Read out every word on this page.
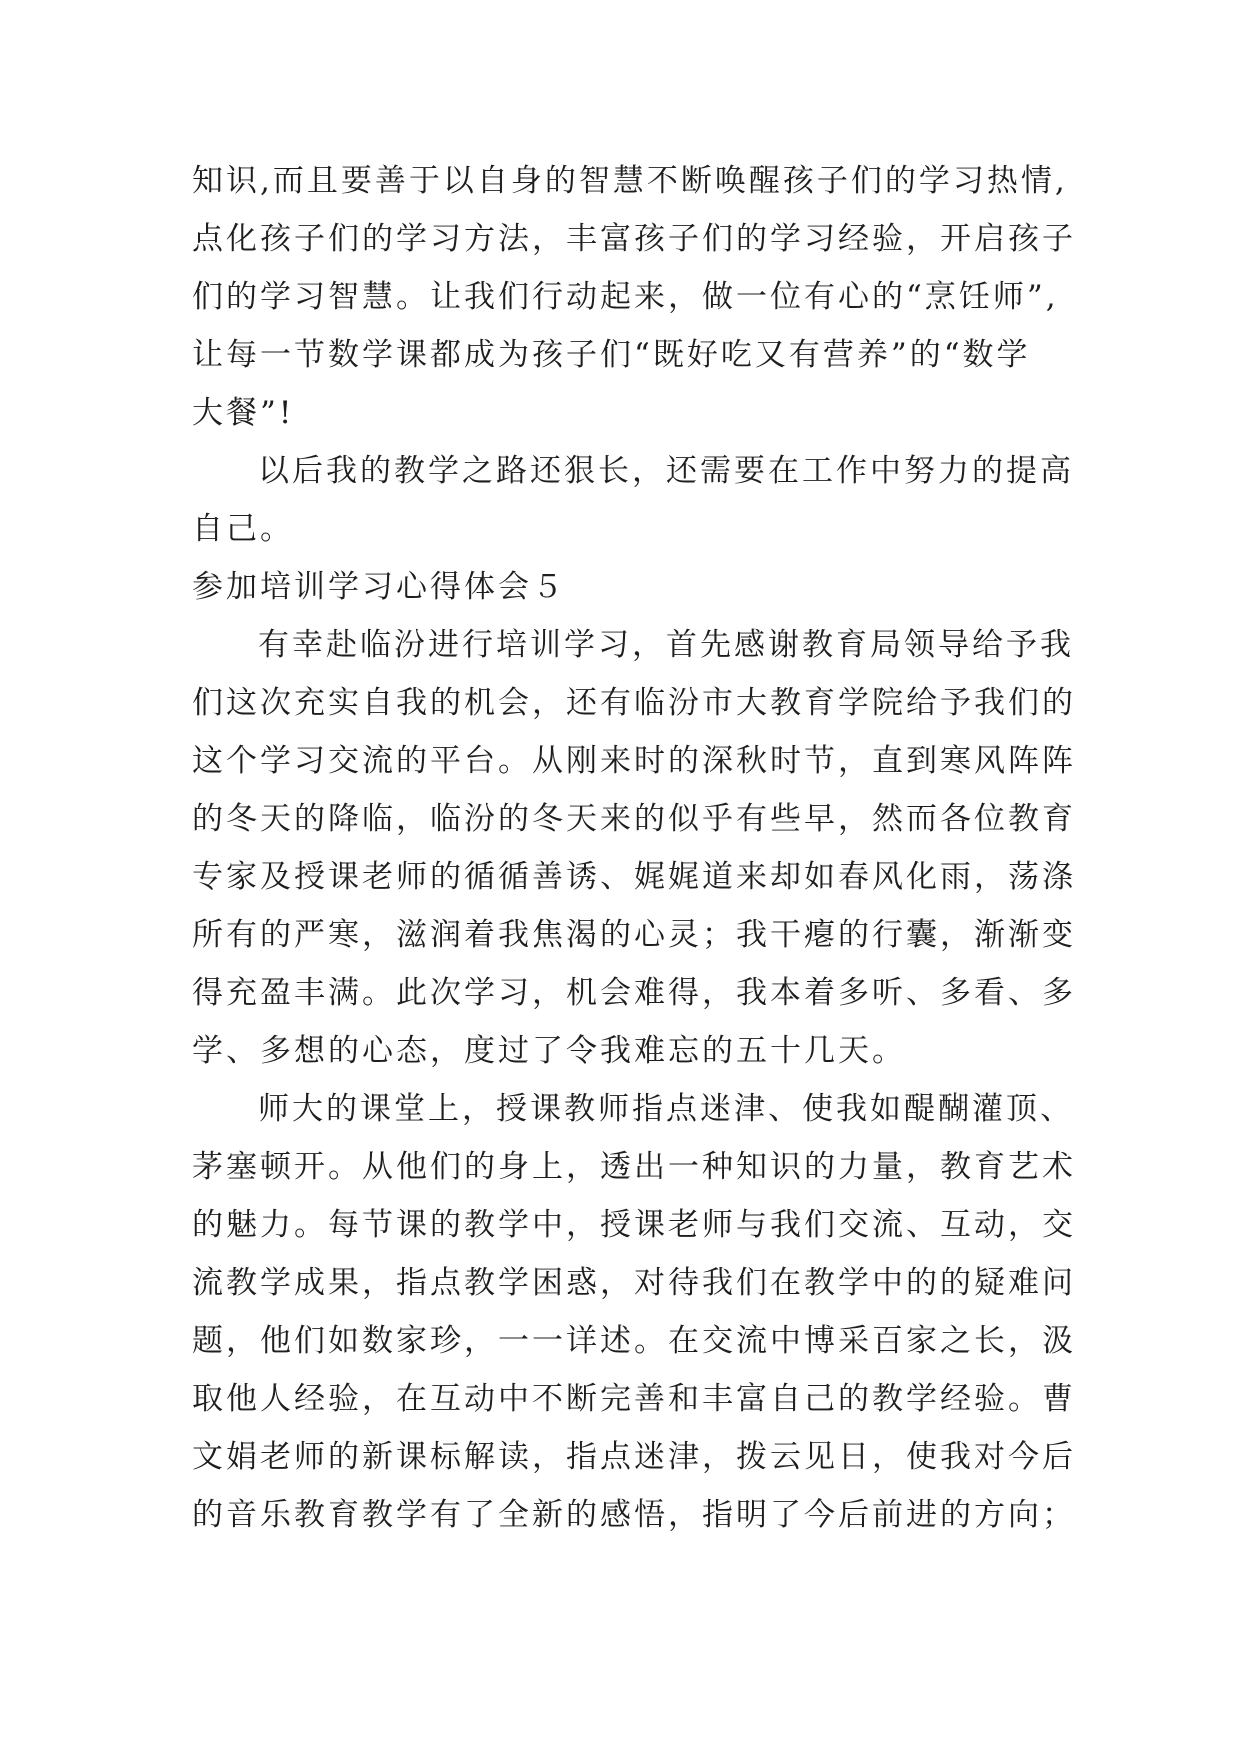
知识,而且要善于以自身的智慧不断唤醒孩子们的学习热情,
点化孩子们的学习方法，丰富孩子们的学习经验，开启孩子
们的学习智慧。让我们行动起来，做一位有心的“烹饪师”,
让每一节数学课都成为孩子们“既好吃又有营养”的“数学
大餐”!
以后我的教学之路还狠长，还需要在工作中努力的提高
自己。
参加培训学习心得体会５
有幸赴临汾进行培训学习，首先感谢教育局领导给予我
们这次充实自我的机会，还有临汾市大教育学院给予我们的
这个学习交流的平台。从刚来时的深秋时节，直到寒风阵阵
的冬天的降临，临汾的冬天来的似乎有些早，然而各位教育
专家及授课老师的循循善诱、娓娓道来却如春风化雨，荡涤
所有的严寒，滋润着我焦渴的心灵；我干瘪的行囊，渐渐变
得充盈丰满。此次学习，机会难得，我本着多听、多看、多
学、多想的心态，度过了令我难忘的五十几天。
师大的课堂上，授课教师指点迷津、使我如醍醐灌顶、
茅塞顿开。从他们的身上，透出一种知识的力量，教育艺术
的魅力。每节课的教学中，授课老师与我们交流、互动，交
流教学成果，指点教学困惑，对待我们在教学中的的疑难问
题，他们如数家珍，一一详述。在交流中博采百家之长，汲
取他人经验，在互动中不断完善和丰富自己的教学经验。曹
文娟老师的新课标解读，指点迷津，拨云见日，使我对今后
的音乐教育教学有了全新的感悟，指明了今后前进的方向；
